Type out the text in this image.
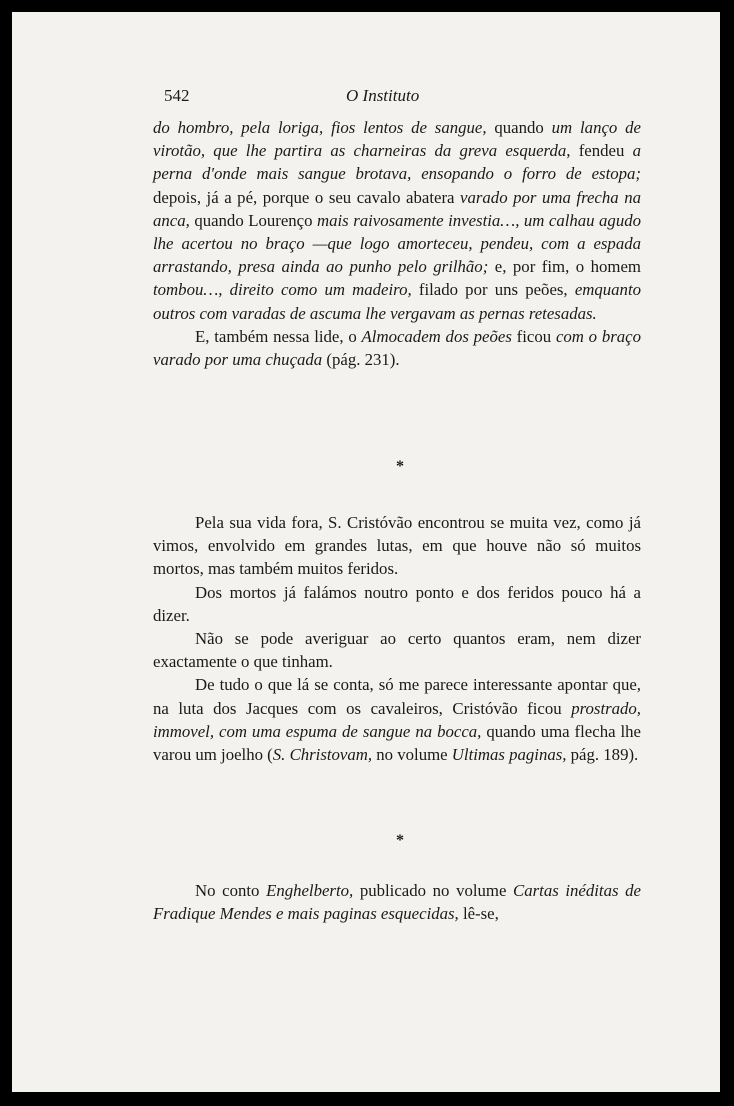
542	O Instituto

do hombro, pela loriga, fios lentos de sangue, quando um lanço de virotão, que lhe partira as charneiras da greva esquerda, fendeu a perna d'onde mais sangue brotava, ensopando o forro de estopa; depois, já a pé, porque o seu cavalo abatera varado por uma frecha na anca, quando Lourenço mais raivosamente investia…, um calhau agudo lhe acertou no braço —que logo amorteceu, pendeu, com a espada arrastando, presa ainda ao punho pelo grilhão; e, por fim, o homem tombou…, direito como um madeiro, filado por uns peões, emquanto outros com varadas de ascuma lhe vergavam as pernas retesadas.

E, também nessa lide, o Almocadem dos peões ficou com o braço varado por uma chuçada (pág. 231).

*

Pela sua vida fora, S. Cristóvão encontrou se muita vez, como já vimos, envolvido em grandes lutas, em que houve não só muitos mortos, mas também muitos feridos.

Dos mortos já falámos noutro ponto e dos feridos pouco há a dizer.

Não se pode averiguar ao certo quantos eram, nem dizer exactamente o que tinham.

De tudo o que lá se conta, só me parece interessante apontar que, na luta dos Jacques com os cavaleiros, Cristóvão ficou prostrado, immovel, com uma espuma de sangue na bocca, quando uma flecha lhe varou um joelho (S. Christovam, no volume Ultimas paginas, pág. 189).

*

No conto Enghelberto, publicado no volume Cartas inéditas de Fradique Mendes e mais paginas esquecidas, lê-se,
